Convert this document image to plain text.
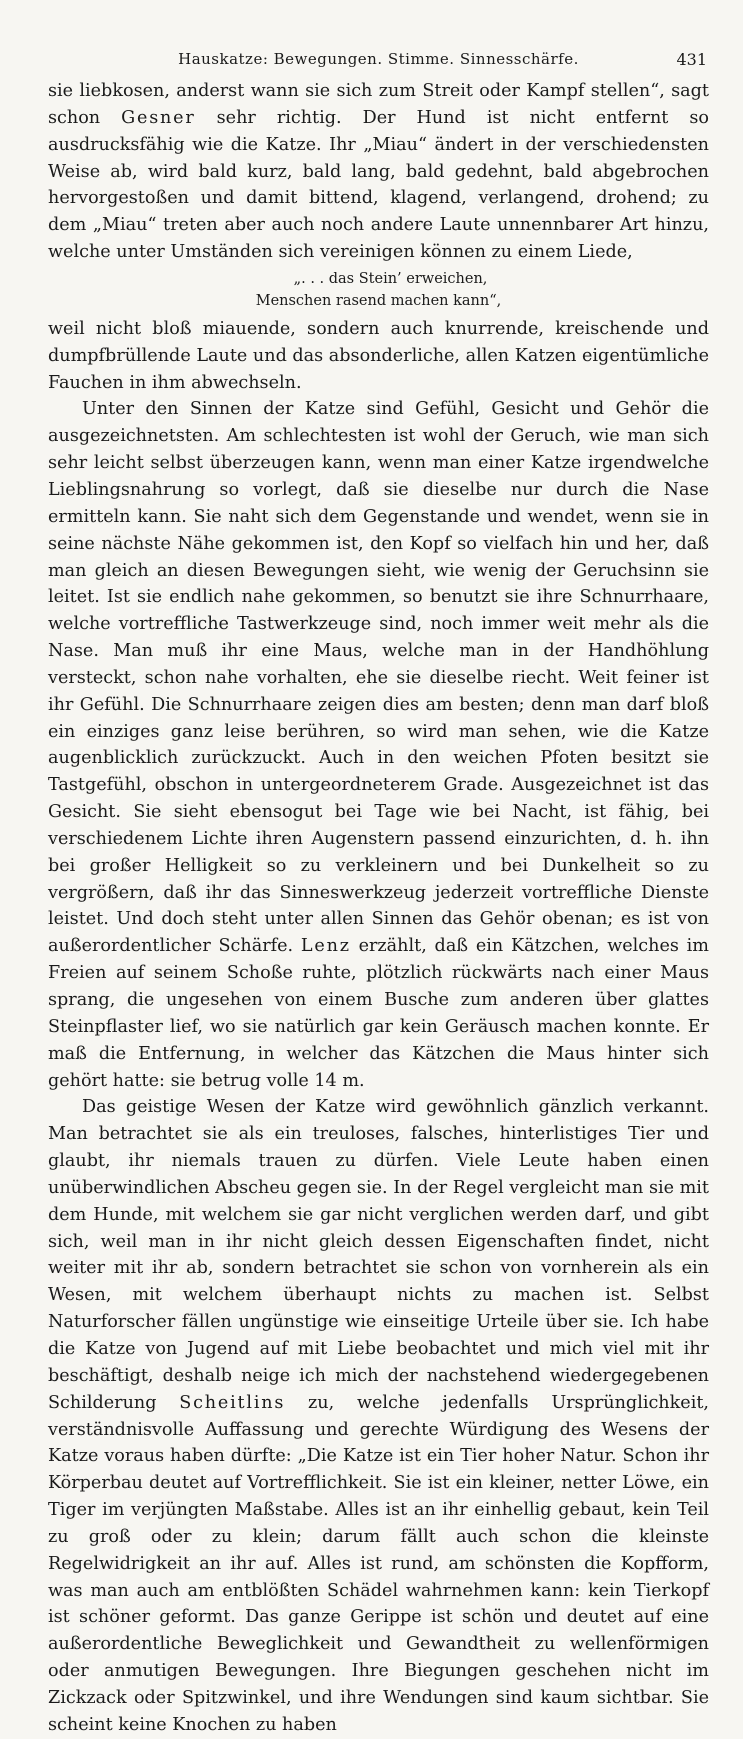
Hauskatze: Bewegungen. Stimme. Sinnesschärfe.	431

sie liebkosen, anderst wann sie sich zum Streit oder Kampf stellen“, sagt schon Gesner sehr richtig. Der Hund ist nicht entfernt so ausdrucksfähig wie die Katze. Ihr „Miau“ ändert in der verschiedensten Weise ab, wird bald kurz, bald lang, bald gedehnt, bald abgebrochen hervorgestoßen und damit bittend, klagend, verlangend, drohend; zu dem „Miau“ treten aber auch noch andere Laute unnennbarer Art hinzu, welche unter Umständen sich vereinigen können zu einem Liede,

„. . . das Stein’ erweichen,
Menschen rasend machen kann“,

weil nicht bloß miauende, sondern auch knurrende, kreischende und dumpfbrüllende Laute und das absonderliche, allen Katzen eigentümliche Fauchen in ihm abwechseln.

Unter den Sinnen der Katze sind Gefühl, Gesicht und Gehör die ausgezeichnetsten. Am schlechtesten ist wohl der Geruch, wie man sich sehr leicht selbst überzeugen kann, wenn man einer Katze irgendwelche Lieblingsnahrung so vorlegt, daß sie dieselbe nur durch die Nase ermitteln kann. Sie naht sich dem Gegenstande und wendet, wenn sie in seine nächste Nähe gekommen ist, den Kopf so vielfach hin und her, daß man gleich an diesen Bewegungen sieht, wie wenig der Geruchsinn sie leitet. Ist sie endlich nahe gekommen, so benutzt sie ihre Schnurrhaare, welche vortreffliche Tastwerkzeuge sind, noch immer weit mehr als die Nase. Man muß ihr eine Maus, welche man in der Handhöhlung versteckt, schon nahe vorhalten, ehe sie dieselbe riecht. Weit feiner ist ihr Gefühl. Die Schnurrhaare zeigen dies am besten; denn man darf bloß ein einziges ganz leise berühren, so wird man sehen, wie die Katze augenblicklich zurückzuckt. Auch in den weichen Pfoten besitzt sie Tastgefühl, obschon in untergeordneterem Grade. Ausgezeichnet ist das Gesicht. Sie sieht ebensogut bei Tage wie bei Nacht, ist fähig, bei verschiedenem Lichte ihren Augenstern passend einzurichten, d. h. ihn bei großer Helligkeit so zu verkleinern und bei Dunkelheit so zu vergrößern, daß ihr das Sinneswerkzeug jederzeit vortreffliche Dienste leistet. Und doch steht unter allen Sinnen das Gehör obenan; es ist von außerordentlicher Schärfe. Lenz erzählt, daß ein Kätzchen, welches im Freien auf seinem Schoße ruhte, plötzlich rückwärts nach einer Maus sprang, die ungesehen von einem Busche zum anderen über glattes Steinpflaster lief, wo sie natürlich gar kein Geräusch machen konnte. Er maß die Entfernung, in welcher das Kätzchen die Maus hinter sich gehört hatte: sie betrug volle 14 m.

Das geistige Wesen der Katze wird gewöhnlich gänzlich verkannt. Man betrachtet sie als ein treuloses, falsches, hinterlistiges Tier und glaubt, ihr niemals trauen zu dürfen. Viele Leute haben einen unüberwindlichen Abscheu gegen sie. In der Regel vergleicht man sie mit dem Hunde, mit welchem sie gar nicht verglichen werden darf, und gibt sich, weil man in ihr nicht gleich dessen Eigenschaften findet, nicht weiter mit ihr ab, sondern betrachtet sie schon von vornherein als ein Wesen, mit welchem überhaupt nichts zu machen ist. Selbst Naturforscher fällen ungünstige wie einseitige Urteile über sie. Ich habe die Katze von Jugend auf mit Liebe beobachtet und mich viel mit ihr beschäftigt, deshalb neige ich mich der nachstehend wiedergegebenen Schilderung Scheitlins zu, welche jedenfalls Ursprünglichkeit, verständnisvolle Auffassung und gerechte Würdigung des Wesens der Katze voraus haben dürfte: „Die Katze ist ein Tier hoher Natur. Schon ihr Körperbau deutet auf Vortrefflichkeit. Sie ist ein kleiner, netter Löwe, ein Tiger im verjüngten Maßstabe. Alles ist an ihr einhellig gebaut, kein Teil zu groß oder zu klein; darum fällt auch schon die kleinste Regelwidrigkeit an ihr auf. Alles ist rund, am schönsten die Kopfform, was man auch am entblößten Schädel wahrnehmen kann: kein Tierkopf ist schöner geformt. Das ganze Gerippe ist schön und deutet auf eine außerordentliche Beweglichkeit und Gewandtheit zu wellenförmigen oder anmutigen Bewegungen. Ihre Biegungen geschehen nicht im Zickzack oder Spitzwinkel, und ihre Wendungen sind kaum sichtbar. Sie scheint keine Knochen zu haben
